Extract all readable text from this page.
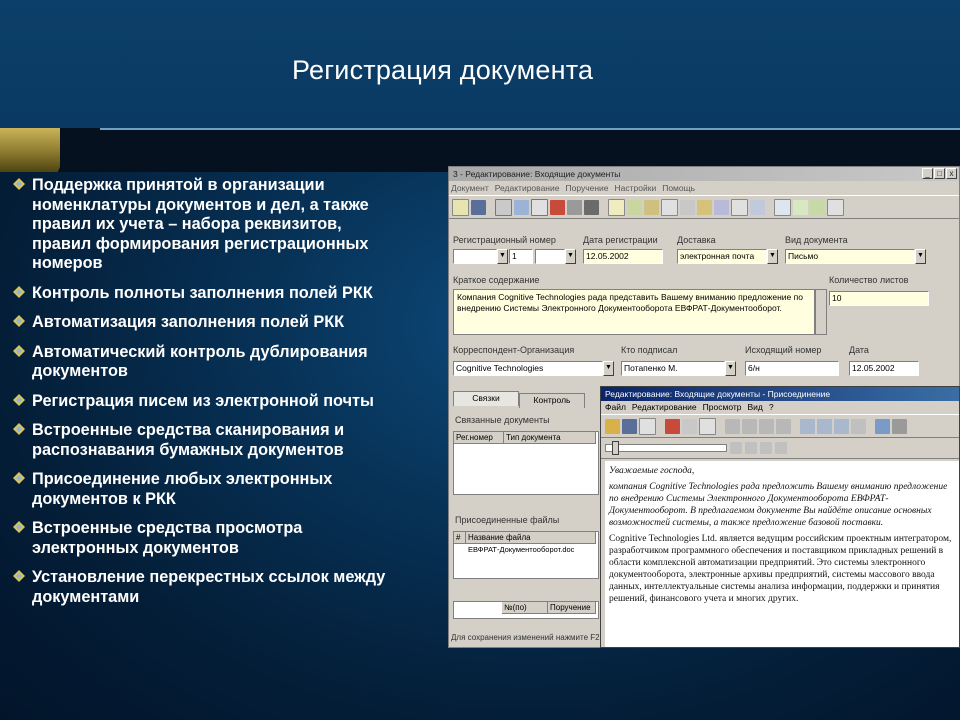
Регистрация документа
Поддержка принятой в организации номенклатуры документов и дел, а также правил их учета – набора реквизитов, правил формирования регистрационных номеров
Контроль полноты заполнения полей РКК
Автоматизация заполнения полей РКК
Автоматический контроль дублирования документов
Регистрация писем из электронной почты
Встроенные средства сканирования и распознавания бумажных документов
Присоединение любых электронных документов к РКК
Встроенные средства просмотра электронных документов
Установление перекрестных ссылок между документами
3 - Редактирование: Входящие документы	_ □ x
Документ Редактирование Поручение Настройки Помощь
Регистрационный номер
▼ 1	▼
Дата регистрации
12.05.2002
Доставка
электронная почта	▼
Вид документа
Письмо	▼
Краткое содержание
Компания Cognitive Technologies рада представить Вашему вниманию предложение по внедрению Системы Электронного Документооборота ЕВФРАТ-Документооборот.
Количество листов
10
Корреспондент-Организация
Cognitive Technologies	▼
Кто подписал
Потапенко М.	▼
Исходящий номер
6/н
Дата
12.05.2002
Связки	Контроль
Связанные документы
Рег.номер	Тип документа
Присоединенные файлы
# Название файла
ЕВФРАТ-Документооборот.doc
№(по)	Поручение
Для сохранения изменений нажмите F2
Редактирование: Входящие документы - Присоединение
Файл Редактирование Просмотр Вид ?

Уважаемые господа,

компания Cognitive Technologies рада предложить Вашему вниманию предложение по внедрению Системы Электронного Документооборота ЕВФРАТ-Документооборот. В предлагаемом документе Вы найдёте описание основных возможностей системы, а также предложение базовой поставки.

Cognitive Technologies Ltd. является ведущим российским проектным интегратором, разработчиком программного обеспечения и поставщиком прикладных решений в области комплексной автоматизации предприятий. Это системы электронного документооборота, электронные архивы предприятий, системы массового ввода данных, интеллектуальные системы анализа информации, поддержки и принятия решений, финансового учета и многих других.
